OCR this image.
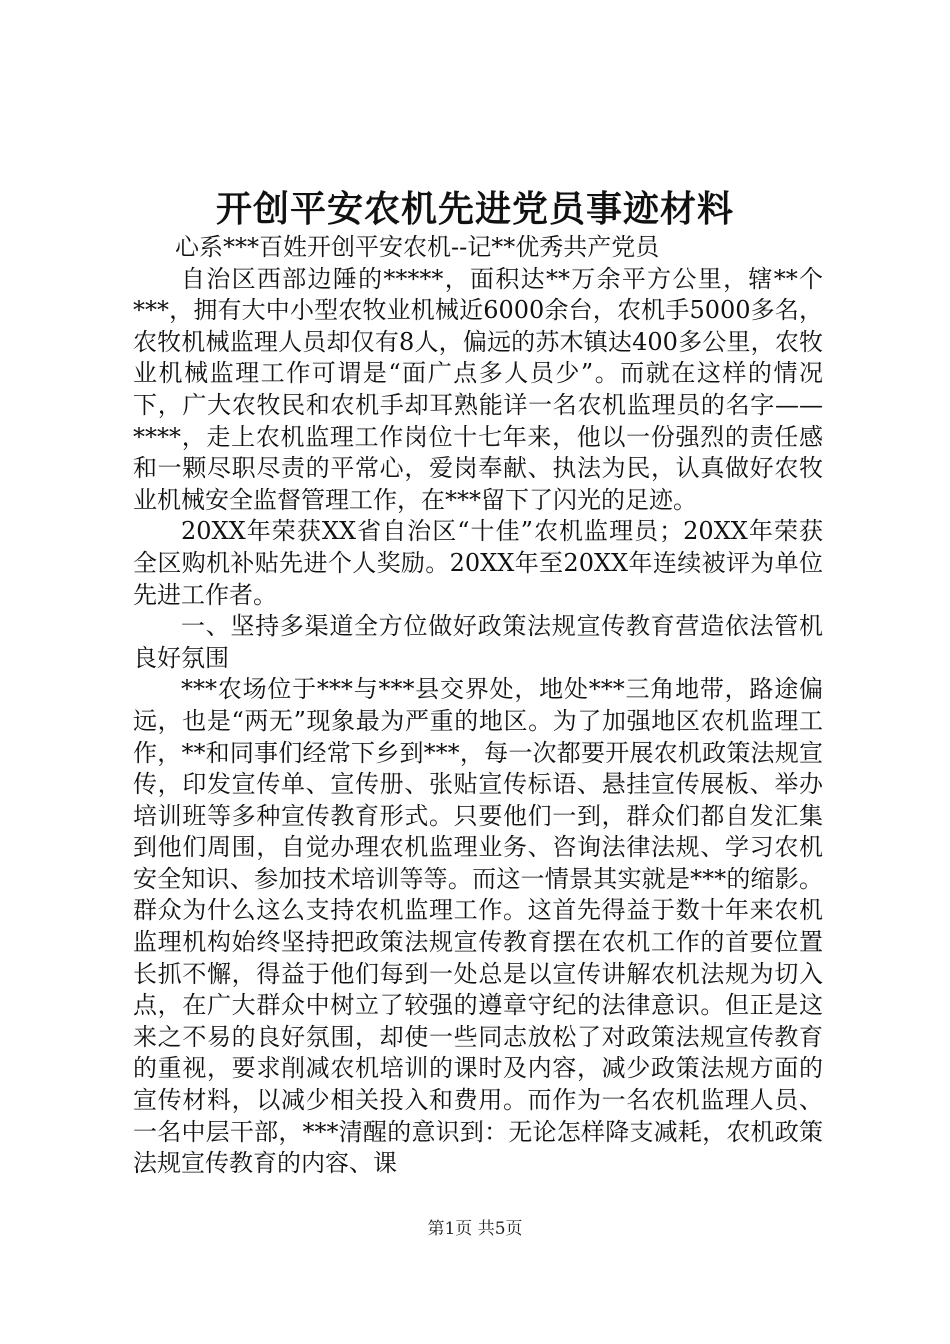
开创平安农机先进党员事迹材料

心系***百姓开创平安农机--记**优秀共产党员

自治区西部边陲的*****，面积达**万余平方公里，辖**个***，拥有大中小型农牧业机械近6000余台，农机手5000多名，农牧机械监理人员却仅有8人，偏远的苏木镇达400多公里，农牧业机械监理工作可谓是“面广点多人员少”。而就在这样的情况下，广大农牧民和农机手却耳熟能详一名农机监理员的名字——****，走上农机监理工作岗位十七年来，他以一份强烈的责任感和一颗尽职尽责的平常心，爱岗奉献、执法为民，认真做好农牧业机械安全监督管理工作，在***留下了闪光的足迹。

20XX年荣获XX省自治区“十佳”农机监理员；20XX年荣获全区购机补贴先进个人奖励。20XX年至20XX年连续被评为单位先进工作者。

一、坚持多渠道全方位做好政策法规宣传教育营造依法管机良好氛围

***农场位于***与***县交界处，地处***三角地带，路途偏远，也是“两无”现象最为严重的地区。为了加强地区农机监理工作，**和同事们经常下乡到***，每一次都要开展农机政策法规宣传，印发宣传单、宣传册、张贴宣传标语、悬挂宣传展板、举办培训班等多种宣传教育形式。只要他们一到，群众们都自发汇集到他们周围，自觉办理农机监理业务、咨询法律法规、学习农机安全知识、参加技术培训等等。而这一情景其实就是***的缩影。群众为什么这么支持农机监理工作。这首先得益于数十年来农机监理机构始终坚持把政策法规宣传教育摆在农机工作的首要位置长抓不懈，得益于他们每到一处总是以宣传讲解农机法规为切入点，在广大群众中树立了较强的遵章守纪的法律意识。但正是这来之不易的良好氛围，却使一些同志放松了对政策法规宣传教育的重视，要求削减农机培训的课时及内容，减少政策法规方面的宣传材料，以减少相关投入和费用。而作为一名农机监理人员、一名中层干部，***清醒的意识到：无论怎样降支减耗，农机政策法规宣传教育的内容、课

第1页 共5页
